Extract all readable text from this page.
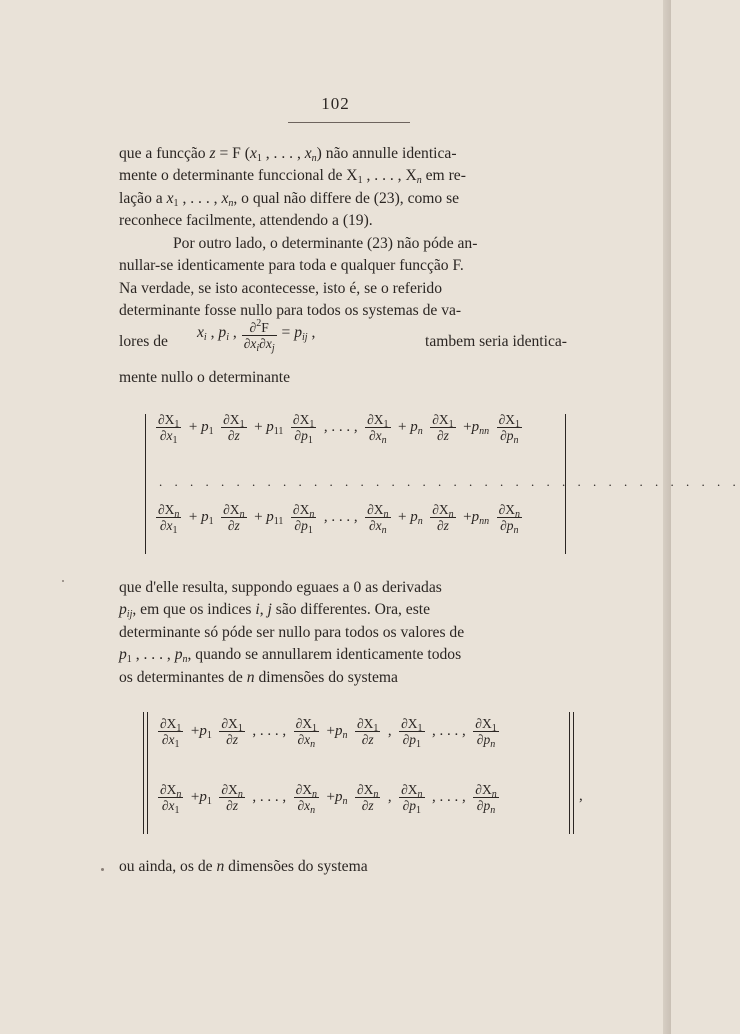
102

que a funcção z = F ($x_1$ , . . . , $x_n$) não annulle identica-

mente o determinante funccional de $X_1$ , . . . , $X_n$ em re-

lação a $x_1$ , . . . , $x_n$, o qual não differe de (23), como se

reconhece facilmente, attendendo a (19).

Por outro lado, o determinante (23) não póde an-

nullar-se identicamente para toda e qualquer funcção F.

Na verdade, se isto acontecesse, isto é, se o referido

determinante fosse nullo para todos os systemas de va-

lores de
$x_i$ , $p_i$ , $\frac{\partial^2F}{\partial x_i\partial x_j} = p_{ij}$ ,
tambem seria identica-

mente nullo o determinante

$\frac{\partial X_1}{\partial x_1} + p_1 \frac{\partial X_1}{\partial z} + p_{11} \frac{\partial X_1}{\partial p_1}$ , . . . , $\frac{\partial X_1}{\partial x_n} + p_n \frac{\partial X_1}{\partial z} +p_{nn} \frac{\partial X_1}{\partial p_n}$
. . . . . . . . . . . . . . . . . . . . . . . . . . . . . . . . . . . . . .
$\frac{\partial X_n}{\partial x_1} + p_1 \frac{\partial X_n}{\partial z} + p_{11} \frac{\partial X_n}{\partial p_1}$ , . . . , $\frac{\partial X_n}{\partial x_n} + p_n \frac{\partial X_n}{\partial z} +p_{nn} \frac{\partial X_n}{\partial p_n}$

que d'elle resulta, suppondo eguaes a 0 as derivadas

$p_{ij}$, em que os indices i, j são differentes. Ora, este

determinante só póde ser nullo para todos os valores de

$p_1$ , . . . , $p_n$, quando se annullarem identicamente todos

os determinantes de n dimensões do systema

$\frac{\partial X_1}{\partial x_1} +p_1 \frac{\partial X_1}{\partial z}$ , . . . , $\frac{\partial X_1}{\partial x_n} +p_n \frac{\partial X_1}{\partial z}$ , $\frac{\partial X_1}{\partial p_1}$ , . . . , $\frac{\partial X_1}{\partial p_n}$
$\frac{\partial X_n}{\partial x_1} +p_1 \frac{\partial X_n}{\partial z}$ , . . . , $\frac{\partial X_n}{\partial x_n} +p_n \frac{\partial X_n}{\partial z}$ , $\frac{\partial X_n}{\partial p_1}$ , . . . , $\frac{\partial X_n}{\partial p_n}$	,

ou ainda, os de n dimensões do systema
